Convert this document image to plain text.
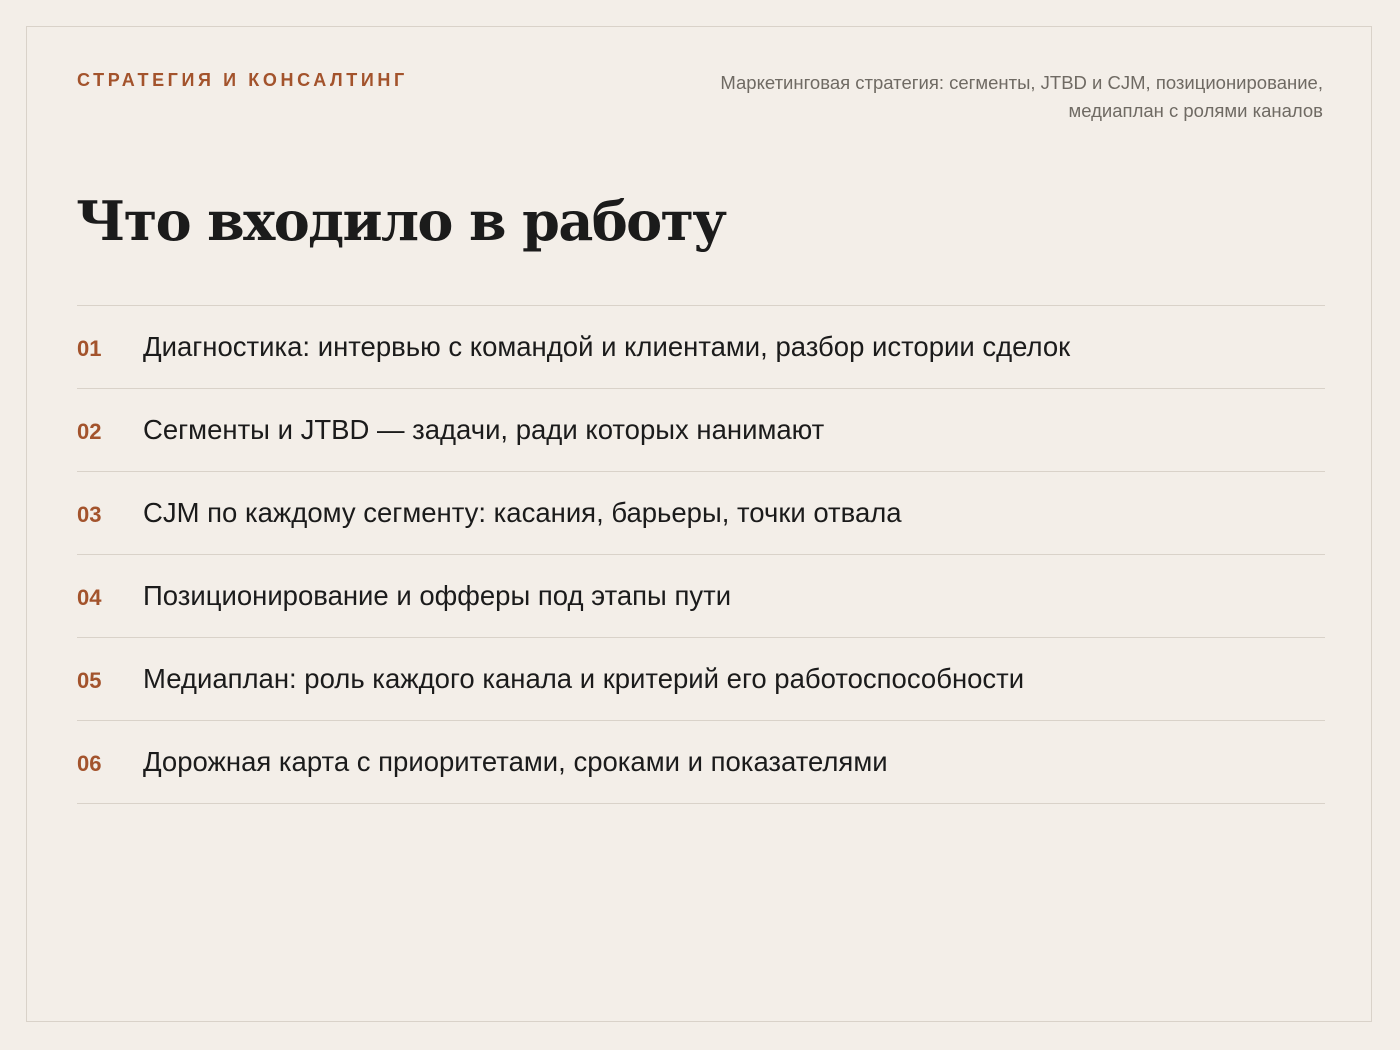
СТРАТЕГИЯ И КОНСАЛТИНГ	Маркетинговая стратегия: сегменты, JTBD и CJM, позиционирование,
медиаплан с ролями каналов
Что входило в работу
01	Диагностика: интервью с командой и клиентами, разбор истории сделок
02	Сегменты и JTBD — задачи, ради которых нанимают
03	CJM по каждому сегменту: касания, барьеры, точки отвала
04	Позиционирование и офферы под этапы пути
05	Медиаплан: роль каждого канала и критерий его работоспособности
06	Дорожная карта с приоритетами, сроками и показателями
